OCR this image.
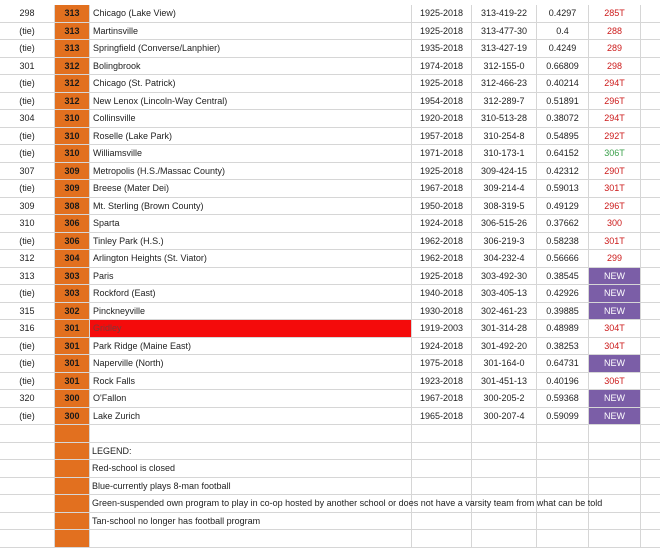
298	313	Chicago (Lake View)	1925-2018	313-419-22	0.4297	285T
(tie)	313	Martinsville	1925-2018	313-477-30	0.4	288
(tie)	313	Springfield (Converse/Lanphier)	1935-2018	313-427-19	0.4249	289
301	312	Bolingbrook	1974-2018	312-155-0	0.66809	298
(tie)	312	Chicago (St. Patrick)	1925-2018	312-466-23	0.40214	294T
(tie)	312	New Lenox (Lincoln-Way Central)	1954-2018	312-289-7	0.51891	296T
304	310	Collinsville	1920-2018	310-513-28	0.38072	294T
(tie)	310	Roselle (Lake Park)	1957-2018	310-254-8	0.54895	292T
(tie)	310	Williamsville	1971-2018	310-173-1	0.64152	306T
307	309	Metropolis (H.S./Massac County)	1925-2018	309-424-15	0.42312	290T
(tie)	309	Breese (Mater Dei)	1967-2018	309-214-4	0.59013	301T
309	308	Mt. Sterling (Brown County)	1950-2018	308-319-5	0.49129	296T
310	306	Sparta	1924-2018	306-515-26	0.37662	300
(tie)	306	Tinley Park (H.S.)	1962-2018	306-219-3	0.58238	301T
312	304	Arlington Heights (St. Viator)	1962-2018	304-232-4	0.56666	299
313	303	Paris	1925-2018	303-492-30	0.38545	NEW
(tie)	303	Rockford (East)	1940-2018	303-405-13	0.42926	NEW
315	302	Pinckneyville	1930-2018	302-461-23	0.39885	NEW
316	301	Gridley	1919-2003	301-314-28	0.48989	304T
(tie)	301	Park Ridge (Maine East)	1924-2018	301-492-20	0.38253	304T
(tie)	301	Naperville (North)	1975-2018	301-164-0	0.64731	NEW
(tie)	301	Rock Falls	1923-2018	301-451-13	0.40196	306T
320	300	O'Fallon	1967-2018	300-205-2	0.59368	NEW
(tie)	300	Lake Zurich	1965-2018	300-207-4	0.59099	NEW
LEGEND:
Red-school is closed
Blue-currently plays 8-man football
Green-suspended own program to play in co-op hosted by another school or does not have a varsity team from what can be told
Tan-school no longer has football program
